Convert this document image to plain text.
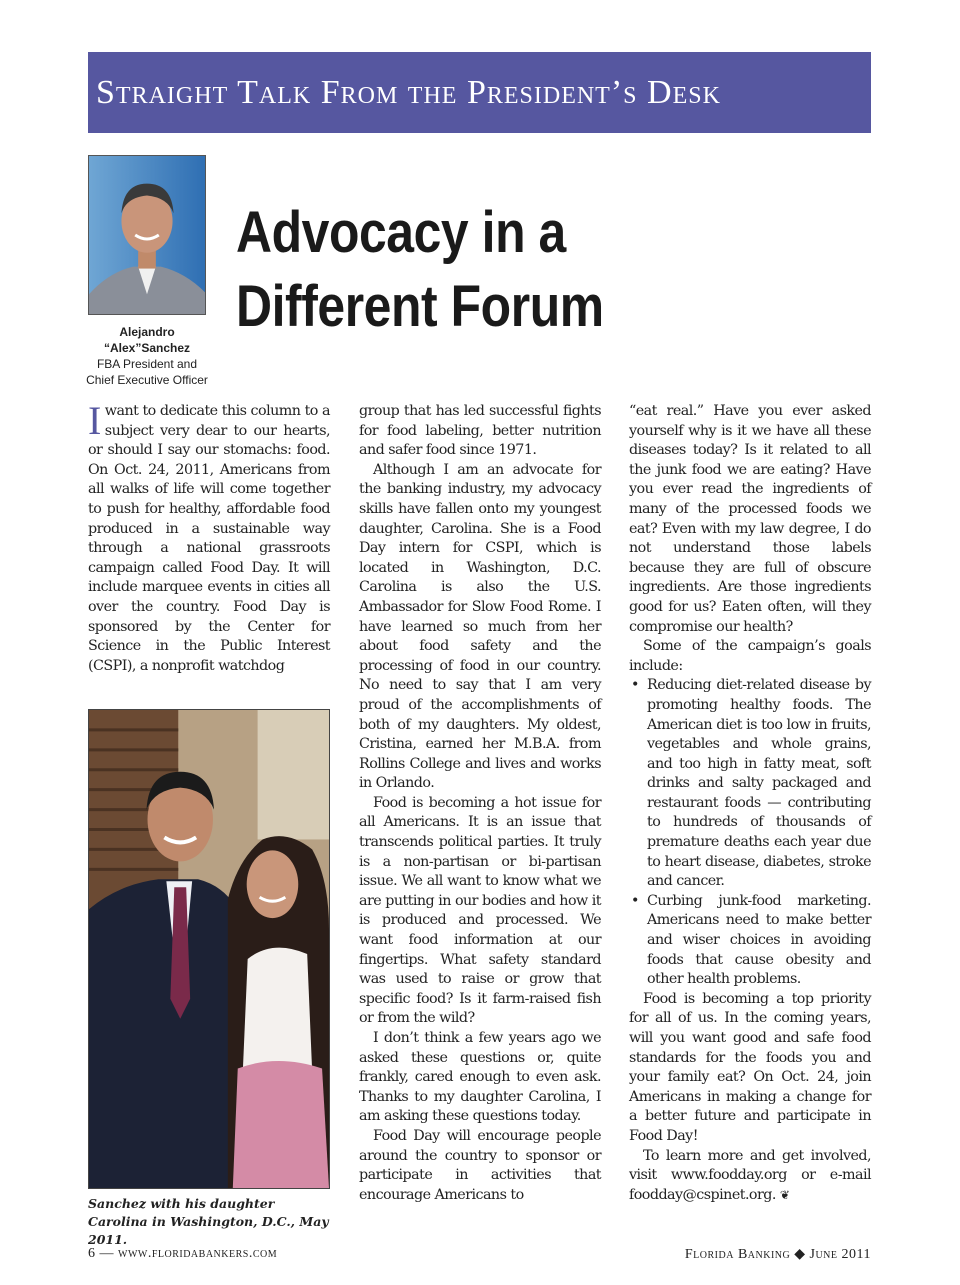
Straight Talk From the President’s Desk
Alejandro
“Alex”Sanchez
FBA President and
Chief Executive Officer
Advocacy in a
Different Forum

Iwant to dedicate this column to a subject very dear to our hearts, or should I say our stomachs: food. On Oct. 24, 2011, Americans from all walks of life will come together to push for healthy, affordable food produced in a sustainable way through a national grassroots campaign called Food Day. It will include marquee events in cities all over the country. Food Day is sponsored by the Center for Science in the Public Interest (CSPI), a nonprofit watchdog

Sanchez with his daughter Carolina in Washington, D.C., May 2011.

group that has led successful fights for food labeling, better nutrition and safer food since 1971.

Although I am an advocate for the banking industry, my advocacy skills have fallen onto my youngest daughter, Carolina. She is a Food Day intern for CSPI, which is located in Washington, D.C. Carolina is also the U.S. Ambassador for Slow Food Rome. I have learned so much from her about food safety and the processing of food in our country. No need to say that I am very proud of the accomplishments of both of my daughters. My oldest, Cristina, earned her M.B.A. from Rollins College and lives and works in Orlando.

Food is becoming a hot issue for all Americans. It is an issue that transcends political parties. It truly is a non-partisan or bi-partisan issue. We all want to know what we are putting in our bodies and how it is produced and processed. We want food information at our fingertips. What safety standard was used to raise or grow that specific food? Is it farm-raised fish or from the wild?

I don’t think a few years ago we asked these questions or, quite frankly, cared enough to even ask. Thanks to my daughter Carolina, I am asking these questions today.

Food Day will encourage people around the country to sponsor or participate in activities that encourage Americans to

“eat real.” Have you ever asked yourself why is it we have all these diseases today? Is it related to all the junk food we are eating? Have you ever read the ingredients of many of the processed foods we eat? Even with my law degree, I do not understand those labels because they are full of obscure ingredients. Are those ingredients good for us? Eaten often, will they compromise our health?

Some of the campaign’s goals include:

• Reducing diet-related disease by promoting healthy foods. The American diet is too low in fruits, vegetables and whole grains, and too high in fatty meat, soft drinks and salty packaged and restaurant foods — contributing to hundreds of thousands of premature deaths each year due to heart disease, diabetes, stroke and cancer.
• Curbing junk-food marketing. Americans need to make better and wiser choices in avoiding foods that cause obesity and other health problems.

Food is becoming a top priority for all of us. In the coming years, will you want good and safe food standards for the foods you and your family eat? On Oct. 24, join Americans in making a change for a better future and participate in Food Day!

To learn more and get involved, visit www.foodday.org or e-mail foodday@cspinet.org. ❦

6 — www.floridabankers.com	Florida Banking ◆ June 2011
